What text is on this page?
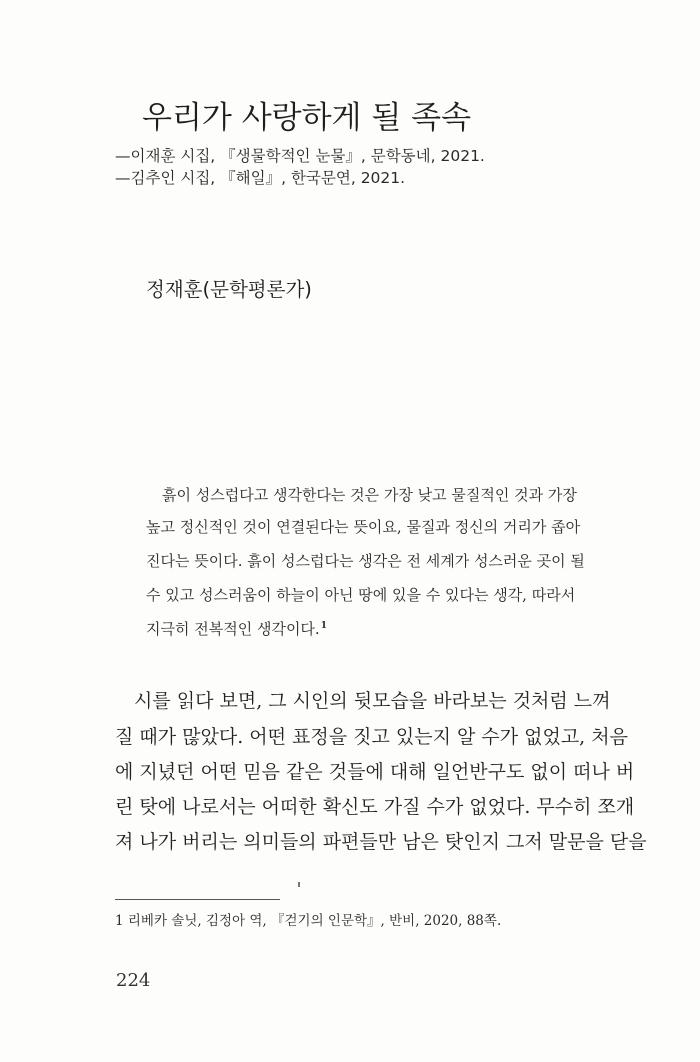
우리가 사랑하게 될 족속
—이재훈 시집, 『생물학적인 눈물』, 문학동네, 2021.
—김추인 시집, 『해일』, 한국문연, 2021.
정재훈(문학평론가)
흙이 성스럽다고 생각한다는 것은 가장 낮고 물질적인 것과 가장
높고 정신적인 것이 연결된다는 뜻이요, 물질과 정신의 거리가 좁아
진다는 뜻이다. 흙이 성스럽다는 생각은 전 세계가 성스러운 곳이 될
수 있고 성스러움이 하늘이 아닌 땅에 있을 수 있다는 생각, 따라서
지극히 전복적인 생각이다.$^1$
시를 읽다 보면, 그 시인의 뒷모습을 바라보는 것처럼 느껴
질 때가 많았다. 어떤 표정을 짓고 있는지 알 수가 없었고, 처음
에 지녔던 어떤 믿음 같은 것들에 대해 일언반구도 없이 떠나 버
린 탓에 나로서는 어떠한 확신도 가질 수가 없었다. 무수히 쪼개
져 나가 버리는 의미들의 파편들만 남은 탓인지 그저 말문을 닫을
1 리베카 솔닛, 김정아 역, 『걷기의 인문학』, 반비, 2020, 88쪽.
224
